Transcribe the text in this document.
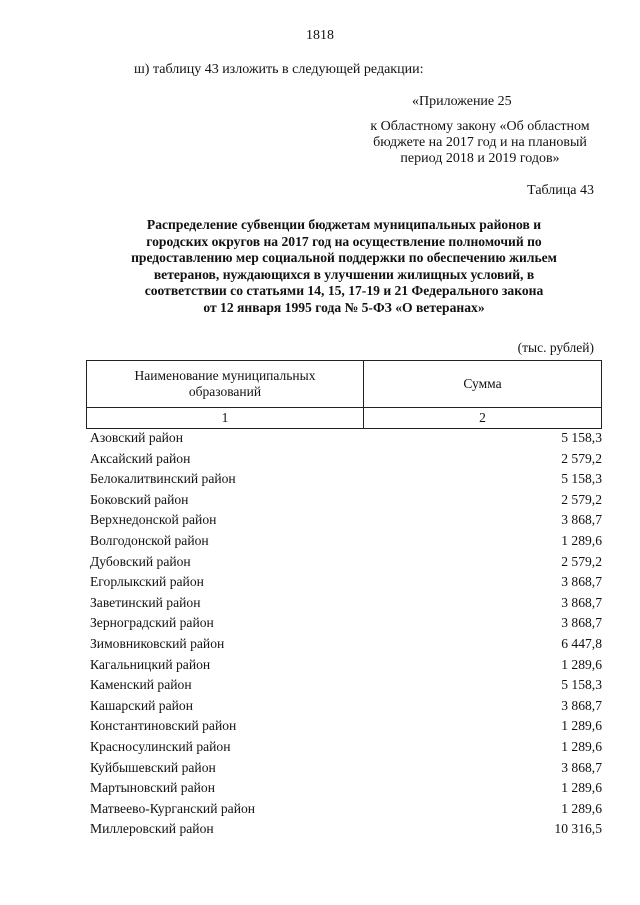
1818
ш) таблицу 43 изложить в следующей редакции:
«Приложение 25
к Областному закону «Об областном
бюджете на 2017 год и на плановый
период 2018 и 2019 годов»
Таблица 43
Распределение субвенции бюджетам муниципальных районов и
городских округов на 2017 год на осуществление полномочий по
предоставлению мер социальной поддержки по обеспечению жильем
ветеранов, нуждающихся в улучшении жилищных условий, в
соответствии со статьями 14, 15, 17-19 и 21 Федерального закона
от 12 января 1995 года № 5-ФЗ «О ветеранах»
(тыс. рублей)
Наименование муниципальных
образований	Сумма
1	2
Азовский район	5 158,3
Аксайский район	2 579,2
Белокалитвинский район	5 158,3
Боковский район	2 579,2
Верхнедонской район	3 868,7
Волгодонской район	1 289,6
Дубовский район	2 579,2
Егорлыкский район	3 868,7
Заветинский район	3 868,7
Зерноградский район	3 868,7
Зимовниковский район	6 447,8
Кагальницкий район	1 289,6
Каменский район	5 158,3
Кашарский район	3 868,7
Константиновский район	1 289,6
Красносулинский район	1 289,6
Куйбышевский район	3 868,7
Мартыновский район	1 289,6
Матвеево-Курганский район	1 289,6
Миллеровский район	10 316,5
